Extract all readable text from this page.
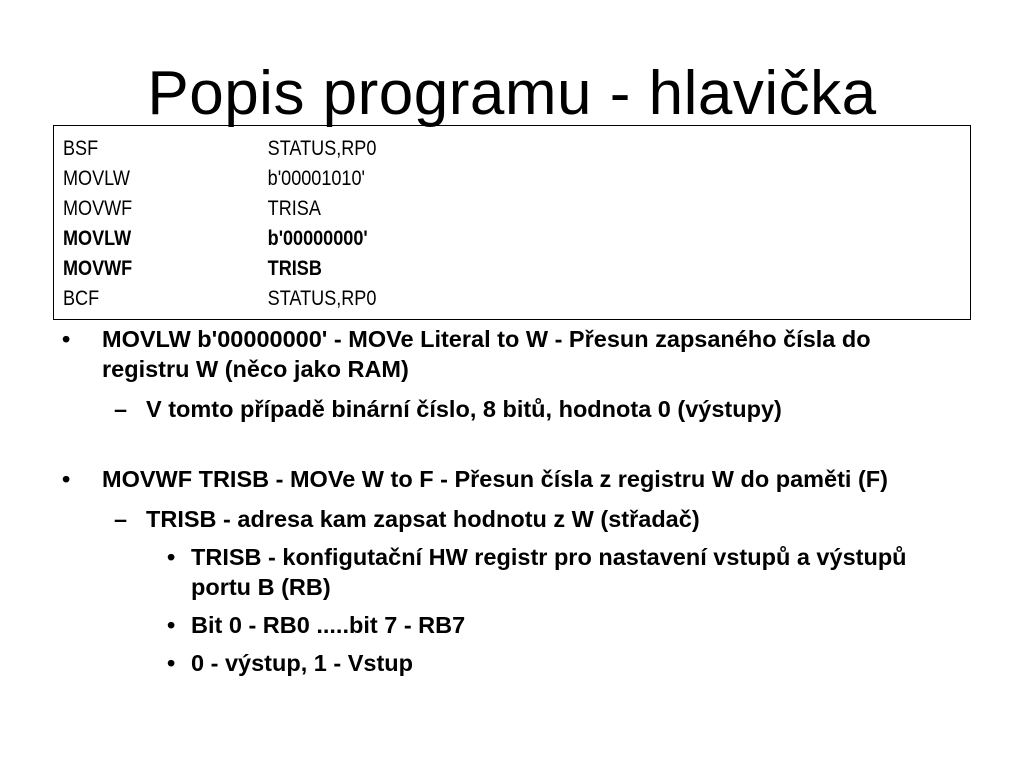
Popis programu - hlavička
BSF	STATUS,RP0
MOVLW	b'00001010'
MOVWF	TRISA
MOVLW	b'00000000'
MOVWF	TRISB
BCF	STATUS,RP0
• MOVLW b'00000000' - MOVe Literal to W - Přesun zapsaného čísla do registru W (něco jako RAM)
– V tomto případě binární číslo, 8 bitů, hodnota 0 (výstupy)
• MOVWF TRISB - MOVe W to F - Přesun čísla z registru W do paměti (F)
– TRISB - adresa kam zapsat hodnotu z W (střadač)
• TRISB - konfigutační HW registr pro nastavení vstupů a výstupů portu B (RB)
• Bit 0 - RB0 .....bit 7 - RB7
• 0 - výstup, 1 - Vstup
